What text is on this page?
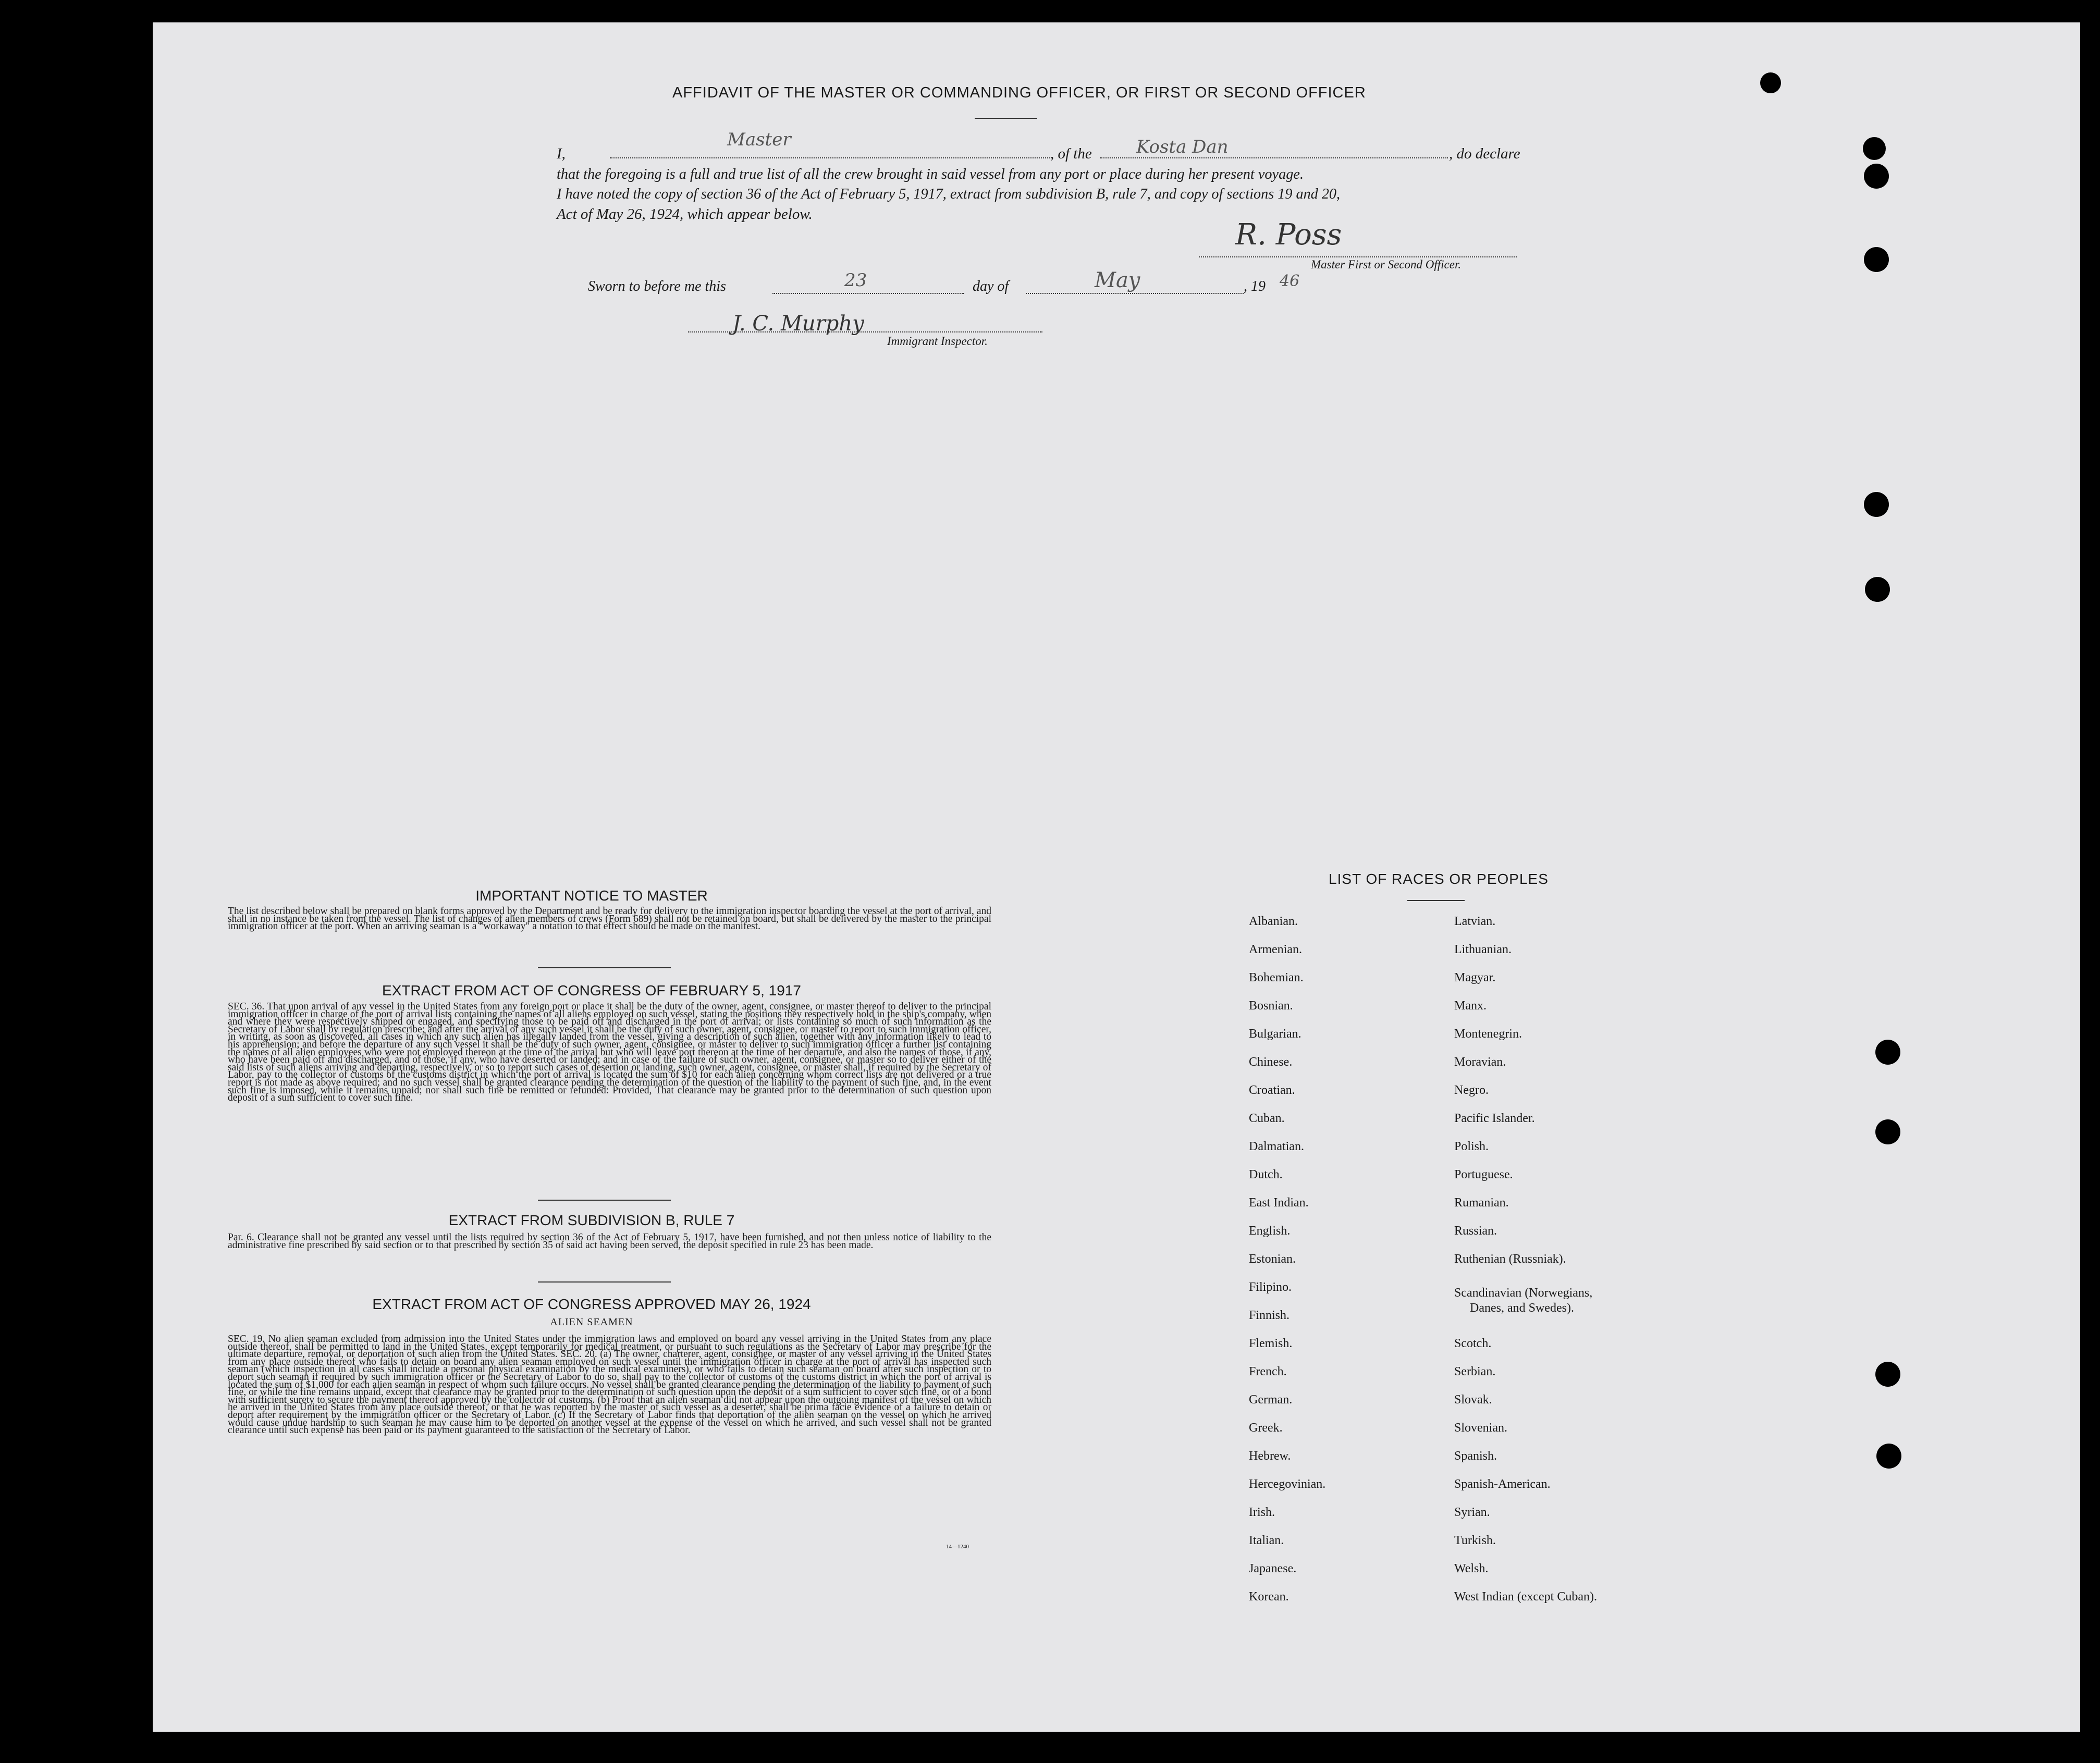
AFFIDAVIT OF THE MASTER OR COMMANDING OFFICER, OR FIRST OR SECOND OFFICER
I,
Master
, of the	Kosta Dan	, do declare
that the foregoing is a full and true list of all the crew brought in said vessel from any port or place during her present voyage.
I have noted the copy of section 36 of the Act of February 5, 1917, extract from subdivision B, rule 7, and copy of sections 19 and 20,
Act of May 26, 1924, which appear below.
R. Poss
Master First or Second Officer.
Sworn to before me this	23	day of	May	, 19 46
J. C. Murphy
Immigrant Inspector.
IMPORTANT NOTICE TO MASTER
The list described below shall be prepared on blank forms approved by the Department and be ready for delivery to the immigration inspector boarding the vessel at the port of arrival, and shall in no instance be taken from the vessel. The list of changes of alien members of crews (Form 689) shall not be retained on board, but shall be delivered by the master to the principal immigration officer at the port. When an arriving seaman is a "workaway" a notation to that effect should be made on the manifest.
EXTRACT FROM ACT OF CONGRESS OF FEBRUARY 5, 1917
SEC. 36. That upon arrival of any vessel in the United States from any foreign port or place it shall be the duty of the owner, agent, consignee, or master thereof to deliver to the principal immigration officer in charge of the port of arrival lists containing the names of all aliens employed on such vessel, stating the positions they respectively hold in the ship's company, when and where they were respectively shipped or engaged, and specifying those to be paid off and discharged in the port of arrival; or lists containing so much of such information as the Secretary of Labor shall by regulation prescribe; and after the arrival of any such vessel it shall be the duty of such owner, agent, consignee, or master to report to such immigration officer, in writing, as soon as discovered, all cases in which any such alien has illegally landed from the vessel, giving a description of such alien, together with any information likely to lead to his apprehension; and before the departure of any such vessel it shall be the duty of such owner, agent, consignee, or master to deliver to such immigration officer a further list containing the names of all alien employees who were not employed thereon at the time of the arrival but who will leave port thereon at the time of her departure, and also the names of those, if any, who have been paid off and discharged, and of those, if any, who have deserted or landed; and in case of the failure of such owner, agent, consignee, or master so to deliver either of the said lists of such aliens arriving and departing, respectively, or so to report such cases of desertion or landing, such owner, agent, consignee, or master shall, if required by the Secretary of Labor, pay to the collector of customs of the customs district in which the port of arrival is located the sum of $10 for each alien concerning whom correct lists are not delivered or a true report is not made as above required; and no such vessel shall be granted clearance pending the determination of the question of the liability to the payment of such fine, and, in the event such fine is imposed, while it remains unpaid; nor shall such fine be remitted or refunded: Provided, That clearance may be granted prior to the determination of such question upon deposit of a sum sufficient to cover such fine.
EXTRACT FROM SUBDIVISION B, RULE 7
Par. 6. Clearance shall not be granted any vessel until the lists required by section 36 of the Act of February 5, 1917, have been furnished, and not then unless notice of liability to the administrative fine prescribed by said section or to that prescribed by section 35 of said act having been served, the deposit specified in rule 23 has been made.
EXTRACT FROM ACT OF CONGRESS APPROVED MAY 26, 1924
ALIEN SEAMEN
SEC. 19. No alien seaman excluded from admission into the United States under the immigration laws and employed on board any vessel arriving in the United States from any place outside thereof, shall be permitted to land in the United States, except temporarily for medical treatment, or pursuant to such regulations as the Secretary of Labor may prescribe for the ultimate departure, removal, or deportation of such alien from the United States. SEC. 20. (a) The owner, charterer, agent, consignee, or master of any vessel arriving in the United States from any place outside thereof who fails to detain on board any alien seaman employed on such vessel until the immigration officer in charge at the port of arrival has inspected such seaman (which inspection in all cases shall include a personal physical examination by the medical examiners), or who fails to detain such seaman on board after such inspection or to deport such seaman if required by such immigration officer or the Secretary of Labor to do so, shall pay to the collector of customs of the customs district in which the port of arrival is located the sum of $1,000 for each alien seaman in respect of whom such failure occurs. No vessel shall be granted clearance pending the determination of the liability to payment of such fine, or while the fine remains unpaid, except that clearance may be granted prior to the determination of such question upon the deposit of a sum sufficient to cover such fine, or of a bond with sufficient surety to secure the payment thereof approved by the collector of customs. (b) Proof that an alien seaman did not appear upon the outgoing manifest of the vessel on which he arrived in the United States from any place outside thereof, or that he was reported by the master of such vessel as a deserter, shall be prima facie evidence of a failure to detain or deport after requirement by the immigration officer or the Secretary of Labor. (c) If the Secretary of Labor finds that deportation of the alien seaman on the vessel on which he arrived would cause undue hardship to such seaman he may cause him to be deported on another vessel at the expense of the vessel on which he arrived, and such vessel shall not be granted clearance until such expense has been paid or its payment guaranteed to the satisfaction of the Secretary of Labor.
14—1240
LIST OF RACES OR PEOPLES
Albanian.
Armenian.
Bohemian.
Bosnian.
Bulgarian.
Chinese.
Croatian.
Cuban.
Dalmatian.
Dutch.
East Indian.
English.
Estonian.
Filipino.
Finnish.
Flemish.
French.
German.
Greek.
Hebrew.
Hercegovinian.
Irish.
Italian.
Japanese.
Korean.
Latvian.
Lithuanian.
Magyar.
Manx.
Montenegrin.
Moravian.
Negro.
Pacific Islander.
Polish.
Portuguese.
Rumanian.
Russian.
Ruthenian (Russniak).
Scandinavian (Norwegians,
Danes, and Swedes).
Scotch.
Serbian.
Slovak.
Slovenian.
Spanish.
Spanish-American.
Syrian.
Turkish.
Welsh.
West Indian (except Cuban).
